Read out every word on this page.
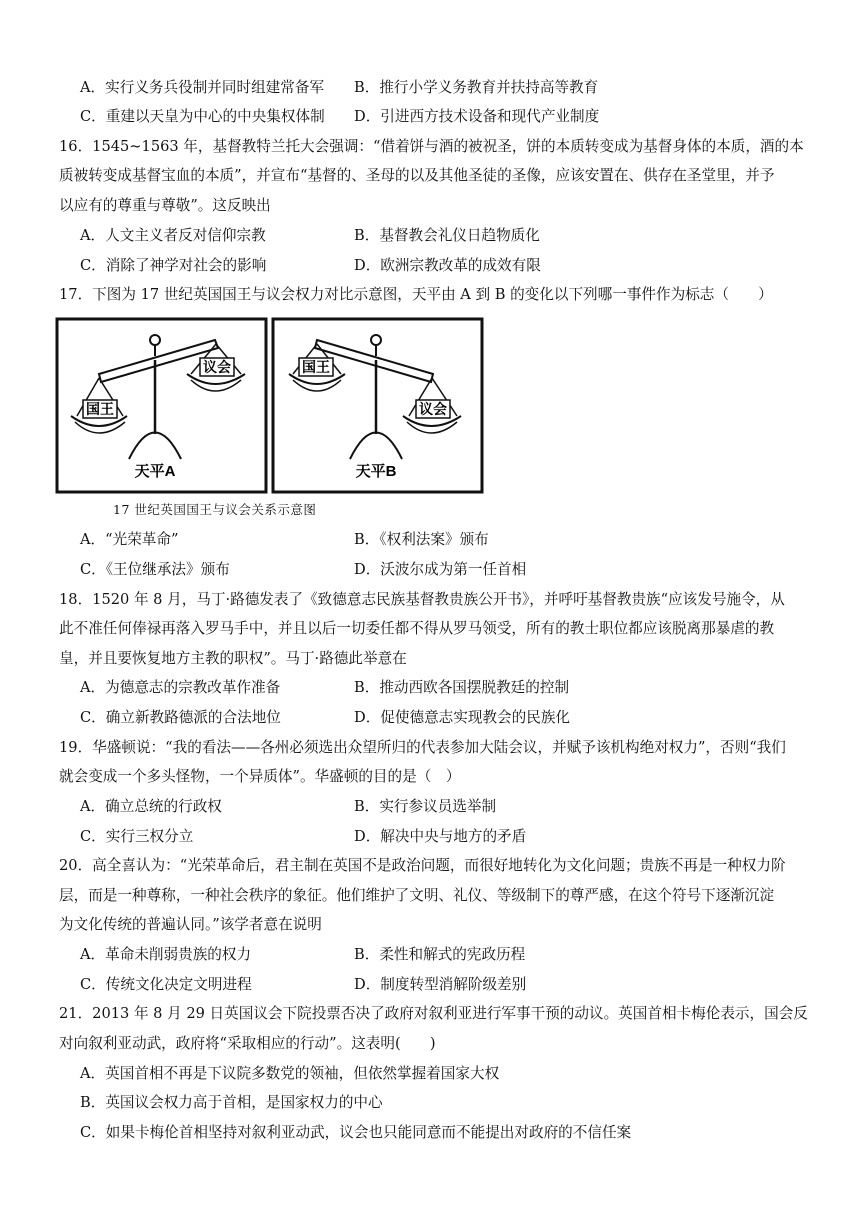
A．实行义务兵役制并同时组建常备军 B．推行小学义务教育并扶持高等教育
C．重建以天皇为中心的中央集权体制 D．引进西方技术设备和现代产业制度
16．1545~1563 年，基督教特兰托大会强调：“借着饼与酒的被祝圣，饼的本质转变成为基督身体的本质，酒的本
质被转变成基督宝血的本质”，并宣布“基督的、圣母的以及其他圣徒的圣像，应该安置在、供存在圣堂里，并予
以应有的尊重与尊敬”。这反映出
A．人文主义者反对信仰宗教	B．基督教会礼仪日趋物质化
C．消除了神学对社会的影响	D．欧洲宗教改革的成效有限
17．下图为 17 世纪英国国王与议会权力对比示意图，天平由 A 到 B 的变化以下列哪一事件作为标志（　　）
国王
议会
天平A
国王
议会
天平B
17 世纪英国国王与议会关系示意图
A．“光荣革命”	B．《权利法案》颁布
C．《王位继承法》颁布	D．沃波尔成为第一任首相
18．1520 年 8 月，马丁·路德发表了《致德意志民族基督教贵族公开书》，并呼吁基督教贵族“应该发号施令，从
此不准任何俸禄再落入罗马手中，并且以后一切委任都不得从罗马领受，所有的教士职位都应该脱离那暴虐的教
皇，并且要恢复地方主教的职权”。马丁·路德此举意在
A．为德意志的宗教改革作准备	B．推动西欧各国摆脱教廷的控制
C．确立新教路德派的合法地位	D．促使德意志实现教会的民族化
19．华盛顿说：“我的看法——各州必须选出众望所归的代表参加大陆会议，并赋予该机构绝对权力”，否则“我们
就会变成一个多头怪物，一个异质体”。华盛顿的目的是（　）
A．确立总统的行政权	B．实行参议员选举制
C．实行三权分立	D．解决中央与地方的矛盾
20．高全喜认为：“光荣革命后，君主制在英国不是政治问题，而很好地转化为文化问题；贵族不再是一种权力阶
层，而是一种尊称，一种社会秩序的象征。他们维护了文明、礼仪、等级制下的尊严感，在这个符号下逐渐沉淀
为文化传统的普遍认同。”该学者意在说明
A．革命未削弱贵族的权力	B．柔性和解式的宪政历程
C．传统文化决定文明进程	D．制度转型消解阶级差别
21．2013 年 8 月 29 日英国议会下院投票否决了政府对叙利亚进行军事干预的动议。英国首相卡梅伦表示，国会反
对向叙利亚动武，政府将“采取相应的行动”。这表明(　　)
A．英国首相不再是下议院多数党的领袖，但依然掌握着国家大权
B．英国议会权力高于首相，是国家权力的中心
C．如果卡梅伦首相坚持对叙利亚动武，议会也只能同意而不能提出对政府的不信任案
